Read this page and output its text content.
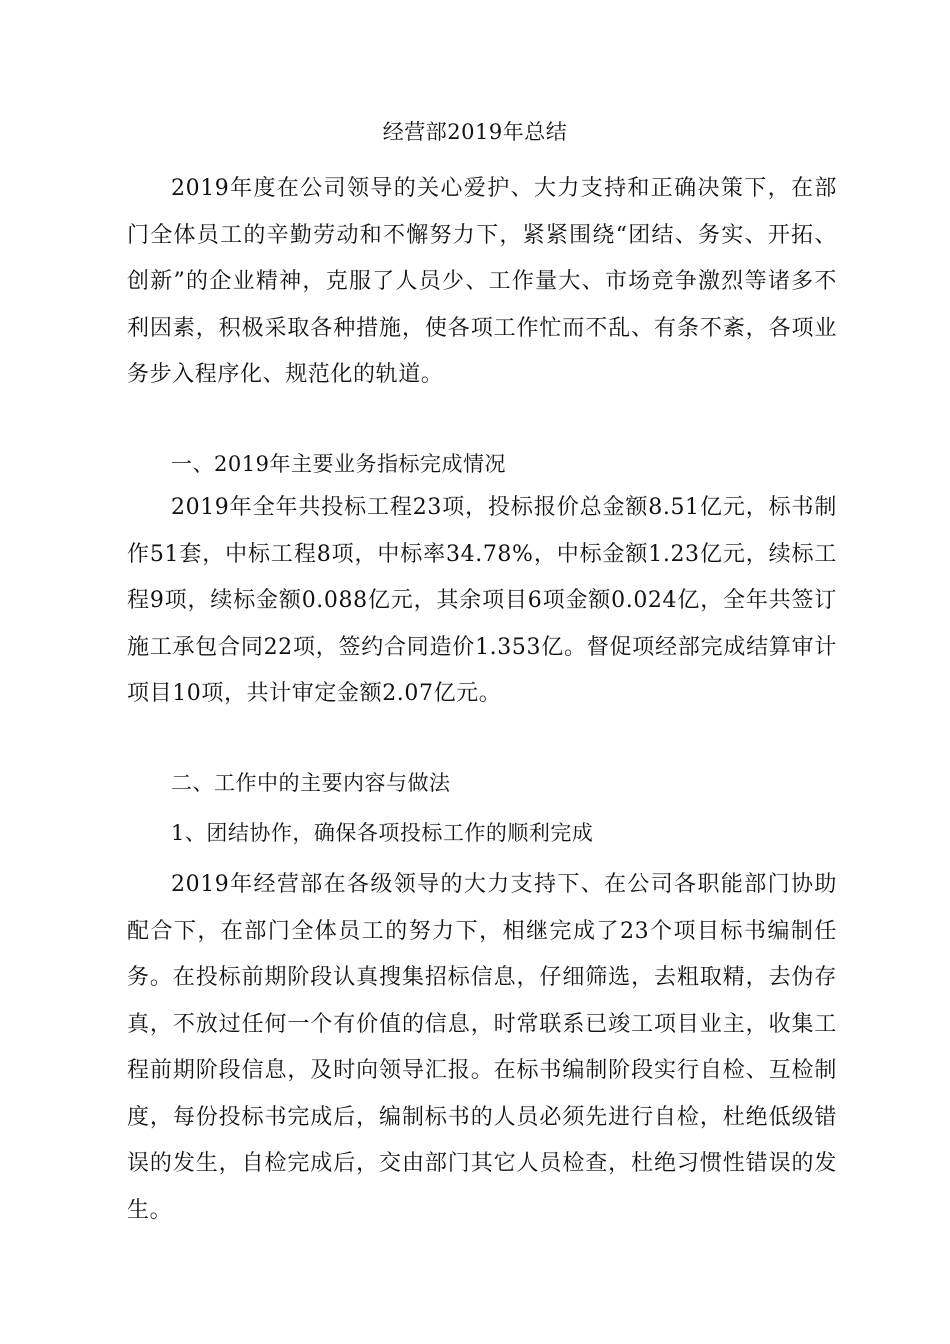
经营部2019年总结

2019年度在公司领导的关心爱护、大力支持和正确决策下，在部门全体员工的辛勤劳动和不懈努力下，紧紧围绕“团结、务实、开拓、创新”的企业精神，克服了人员少、工作量大、市场竞争激烈等诸多不利因素，积极采取各种措施，使各项工作忙而不乱、有条不紊，各项业务步入程序化、规范化的轨道。

一、2019年主要业务指标完成情况

2019年全年共投标工程23项，投标报价总金额8.51亿元，标书制作51套，中标工程8项，中标率34.78%，中标金额1.23亿元，续标工程9项，续标金额0.088亿元，其余项目6项金额0.024亿，全年共签订施工承包合同22项，签约合同造价1.353亿。督促项经部完成结算审计项目10项，共计审定金额2.07亿元。

二、工作中的主要内容与做法
1、团结协作，确保各项投标工作的顺利完成

2019年经营部在各级领导的大力支持下、在公司各职能部门协助配合下，在部门全体员工的努力下，相继完成了23个项目标书编制任务。在投标前期阶段认真搜集招标信息，仔细筛选，去粗取精，去伪存真，不放过任何一个有价值的信息，时常联系已竣工项目业主，收集工程前期阶段信息，及时向领导汇报。在标书编制阶段实行自检、互检制度，每份投标书完成后，编制标书的人员必须先进行自检，杜绝低级错误的发生，自检完成后，交由部门其它人员检查，杜绝习惯性错误的发生。
